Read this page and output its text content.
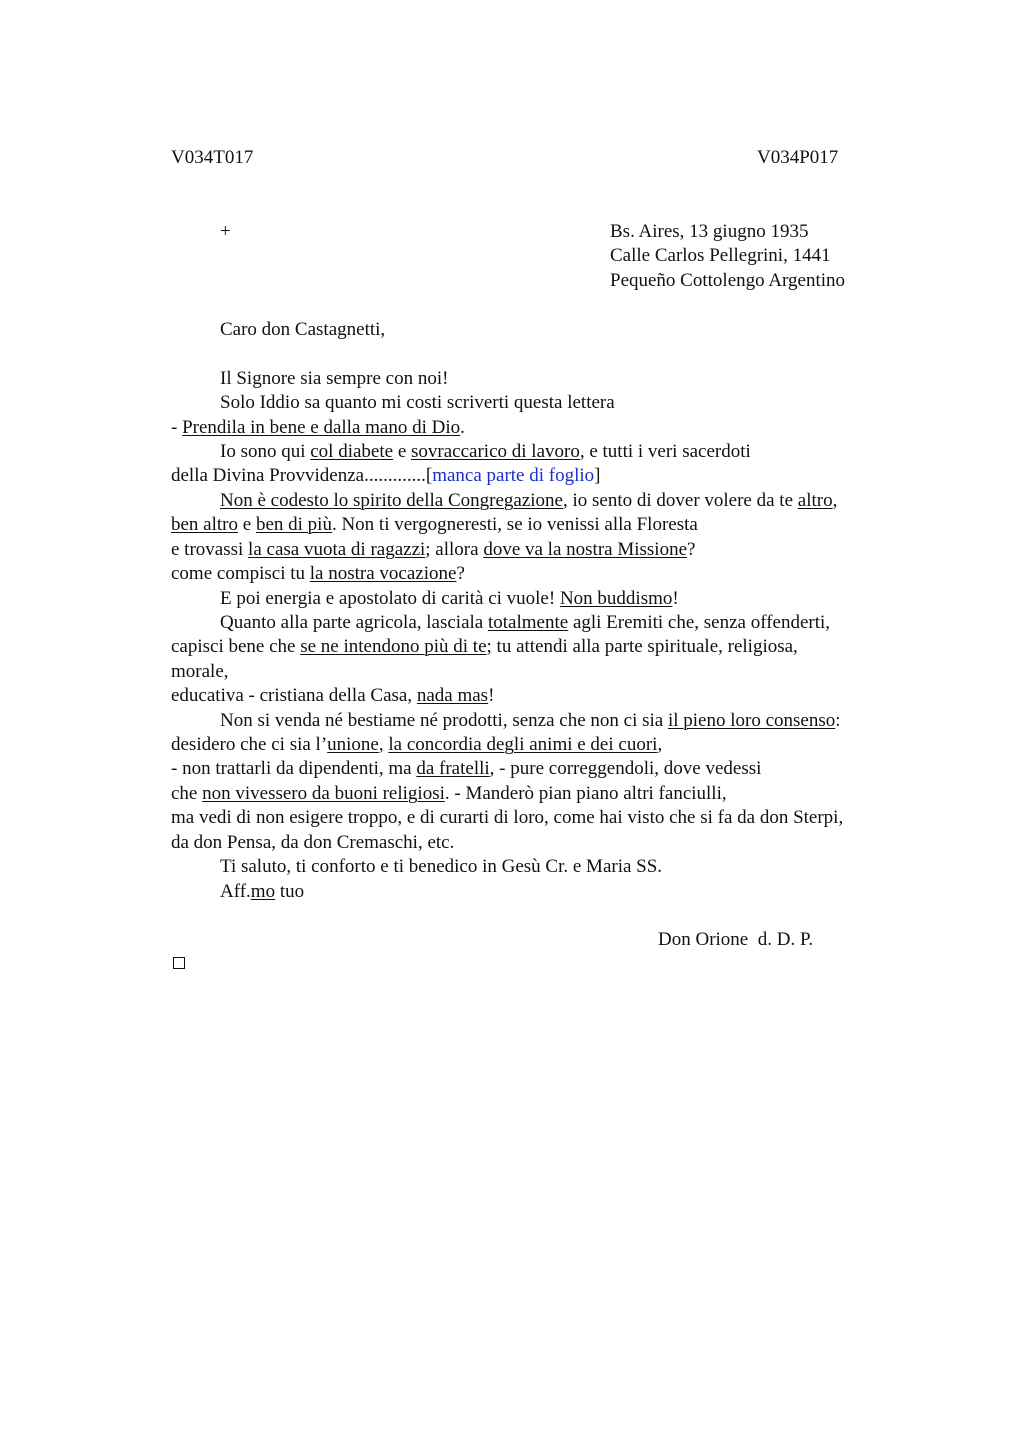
V034T017	V034P017
+	Bs. Aires, 13 giugno 1935
Calle Carlos Pellegrini, 1441
Pequeño Cottolengo Argentino
Caro don Castagnetti,
Il Signore sia sempre con noi!
Solo Iddio sa quanto mi costi scriverti questa lettera
- Prendila in bene e dalla mano di Dio.
Io sono qui col diabete e sovraccarico di lavoro, e tutti i veri sacerdoti
della Divina Provvidenza.............[manca parte di foglio]
Non è codesto lo spirito della Congregazione, io sento di dover volere da te altro,
ben altro e ben di più. Non ti vergogneresti, se io venissi alla Floresta
e trovassi la casa vuota di ragazzi; allora dove va la nostra Missione?
come compisci tu la nostra vocazione?
E poi energia e apostolato di carità ci vuole! Non buddismo!
Quanto alla parte agricola, lasciala totalmente agli Eremiti che, senza offenderti,
capisci bene che se ne intendono più di te; tu attendi alla parte spirituale, religiosa,
morale,
educativa - cristiana della Casa, nada mas!
Non si venda né bestiame né prodotti, senza che non ci sia il pieno loro consenso:
desidero che ci sia l’unione, la concordia degli animi e dei cuori,
- non trattarli da dipendenti, ma da fratelli, - pure correggendoli, dove vedessi
che non vivessero da buoni religiosi. - Manderò pian piano altri fanciulli,
ma vedi di non esigere troppo, e di curarti di loro, come hai visto che si fa da don Sterpi,
da don Pensa, da don Cremaschi, etc.
Ti saluto, ti conforto e ti benedico in Gesù Cr. e Maria SS.
Aff.mo tuo
Don Orione  d. D. P.
